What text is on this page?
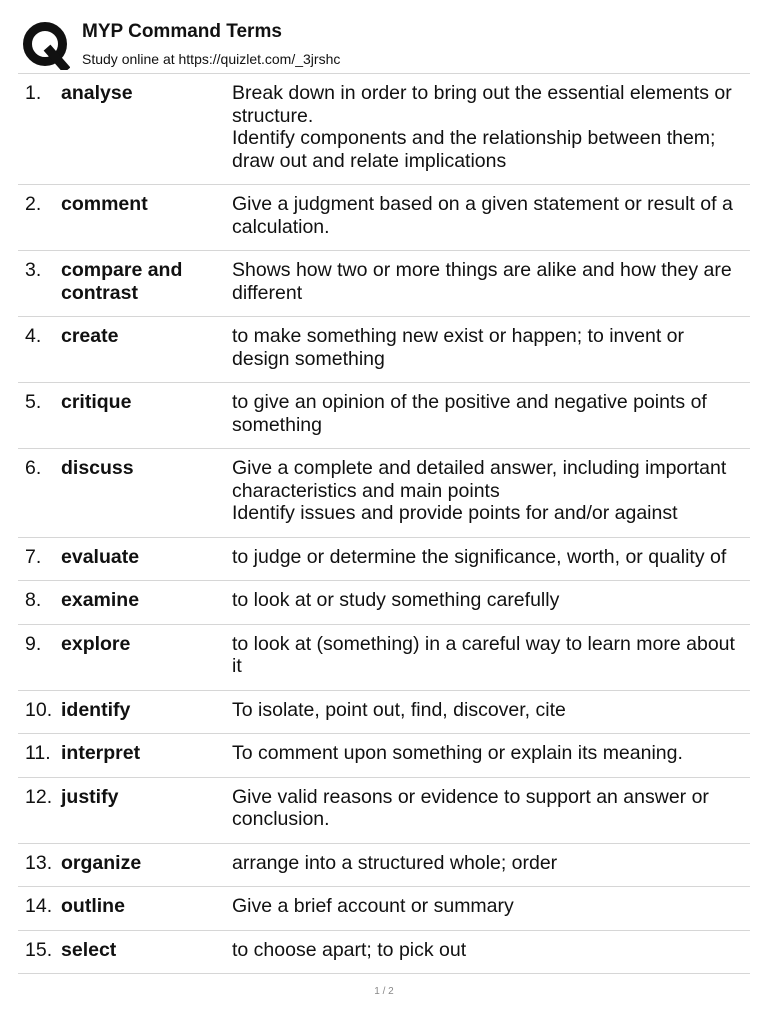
MYP Command Terms
Study online at https://quizlet.com/_3jrshc
1.	analyse	Break down in order to bring out the essential elements or structure.
Identify components and the relationship between them; draw out and relate implications
2.	comment	Give a judgment based on a given statement or result of a calculation.
3.	compare and contrast
Shows how two or more things are alike and how they are different
4.	create	to make something new exist or happen; to invent or design something
5.	critique	to give an opinion of the positive and negative points of something
6.	discuss	Give a complete and detailed answer, including important characteristics and main points
Identify issues and provide points for and/or against
7.	evaluate	to judge or determine the significance, worth, or quality of
8.	examine	to look at or study something carefully
9.	explore	to look at (something) in a careful way to learn more about it
10. identify	To isolate, point out, find, discover, cite
11. interpret	To comment upon something or explain its meaning.
12. justify	Give valid reasons or evidence to support an answer or conclusion.
13. organize	arrange into a structured whole; order
14. outline	Give a brief account or summary
15. select	to choose apart; to pick out
1 / 2
